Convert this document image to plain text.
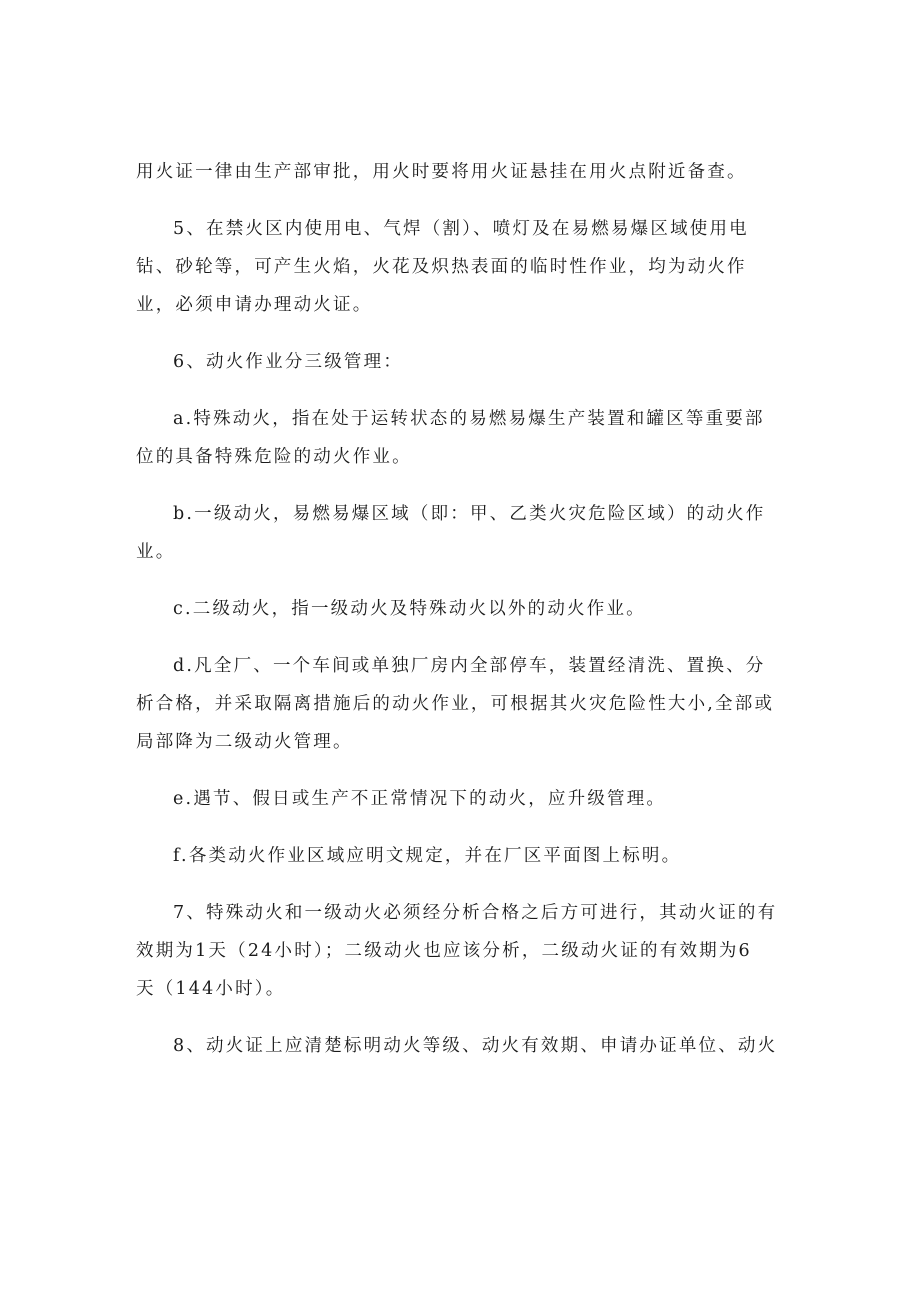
用火证一律由生产部审批，用火时要将用火证悬挂在用火点附近备查。

5、在禁火区内使用电、气焊（割）、喷灯及在易燃易爆区域使用电
钻、砂轮等，可产生火焰，火花及炽热表面的临时性作业，均为动火作
业，必须申请办理动火证。

6、动火作业分三级管理：

a.特殊动火，指在处于运转状态的易燃易爆生产装置和罐区等重要部
位的具备特殊危险的动火作业。

b.一级动火，易燃易爆区域（即：甲、乙类火灾危险区域）的动火作
业。

c.二级动火，指一级动火及特殊动火以外的动火作业。

d.凡全厂、一个车间或单独厂房内全部停车，装置经清洗、置换、分
析合格，并采取隔离措施后的动火作业，可根据其火灾危险性大小,全部或
局部降为二级动火管理。

e.遇节、假日或生产不正常情况下的动火，应升级管理。

f.各类动火作业区域应明文规定，并在厂区平面图上标明。

7、特殊动火和一级动火必须经分析合格之后方可进行，其动火证的有
效期为1天（24小时）；二级动火也应该分析，二级动火证的有效期为6
天（144小时）。

8、动火证上应清楚标明动火等级、动火有效期、申请办证单位、动火
